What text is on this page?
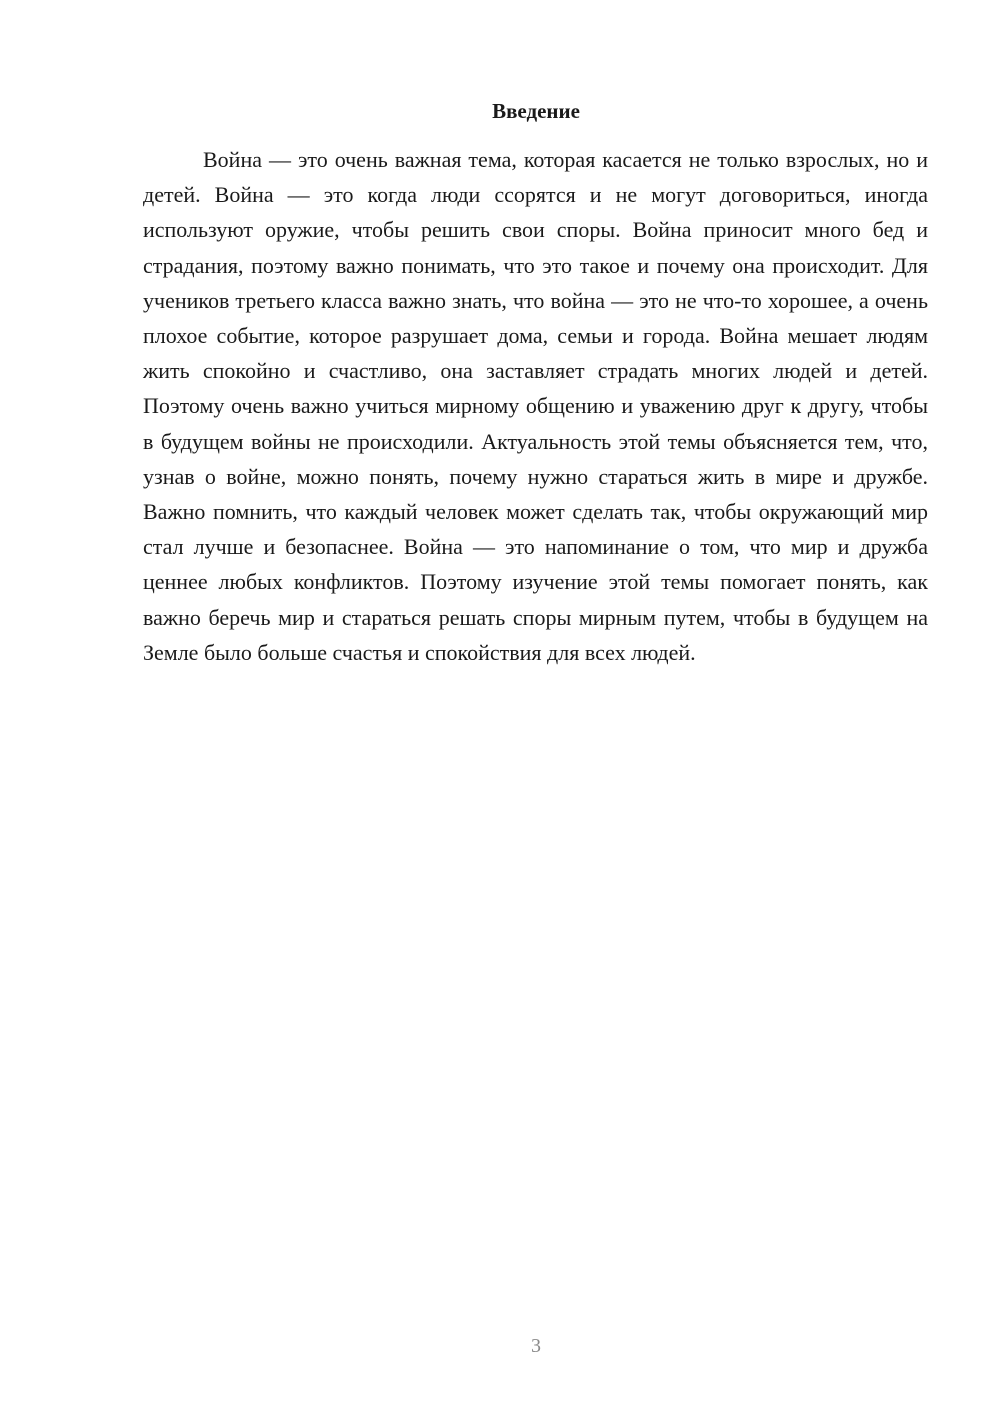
Введение

Война — это очень важная тема, которая касается не только взрослых, но и детей. Война — это когда люди ссорятся и не могут договориться, иногда используют оружие, чтобы решить свои споры. Война приносит много бед и страдания, поэтому важно понимать, что это такое и почему она происходит. Для учеников третьего класса важно знать, что война — это не что-то хорошее, а очень плохое событие, которое разрушает дома, семьи и города. Война мешает людям жить спокойно и счастливо, она заставляет страдать многих людей и детей. Поэтому очень важно учиться мирному общению и уважению друг к другу, чтобы в будущем войны не происходили. Актуальность этой темы объясняется тем, что, узнав о войне, можно понять, почему нужно стараться жить в мире и дружбе. Важно помнить, что каждый человек может сделать так, чтобы окружающий мир стал лучше и безопаснее. Война — это напоминание о том, что мир и дружба ценнее любых конфликтов. Поэтому изучение этой темы помогает понять, как важно беречь мир и стараться решать споры мирным путем, чтобы в будущем на Земле было больше счастья и спокойствия для всех людей.

3
